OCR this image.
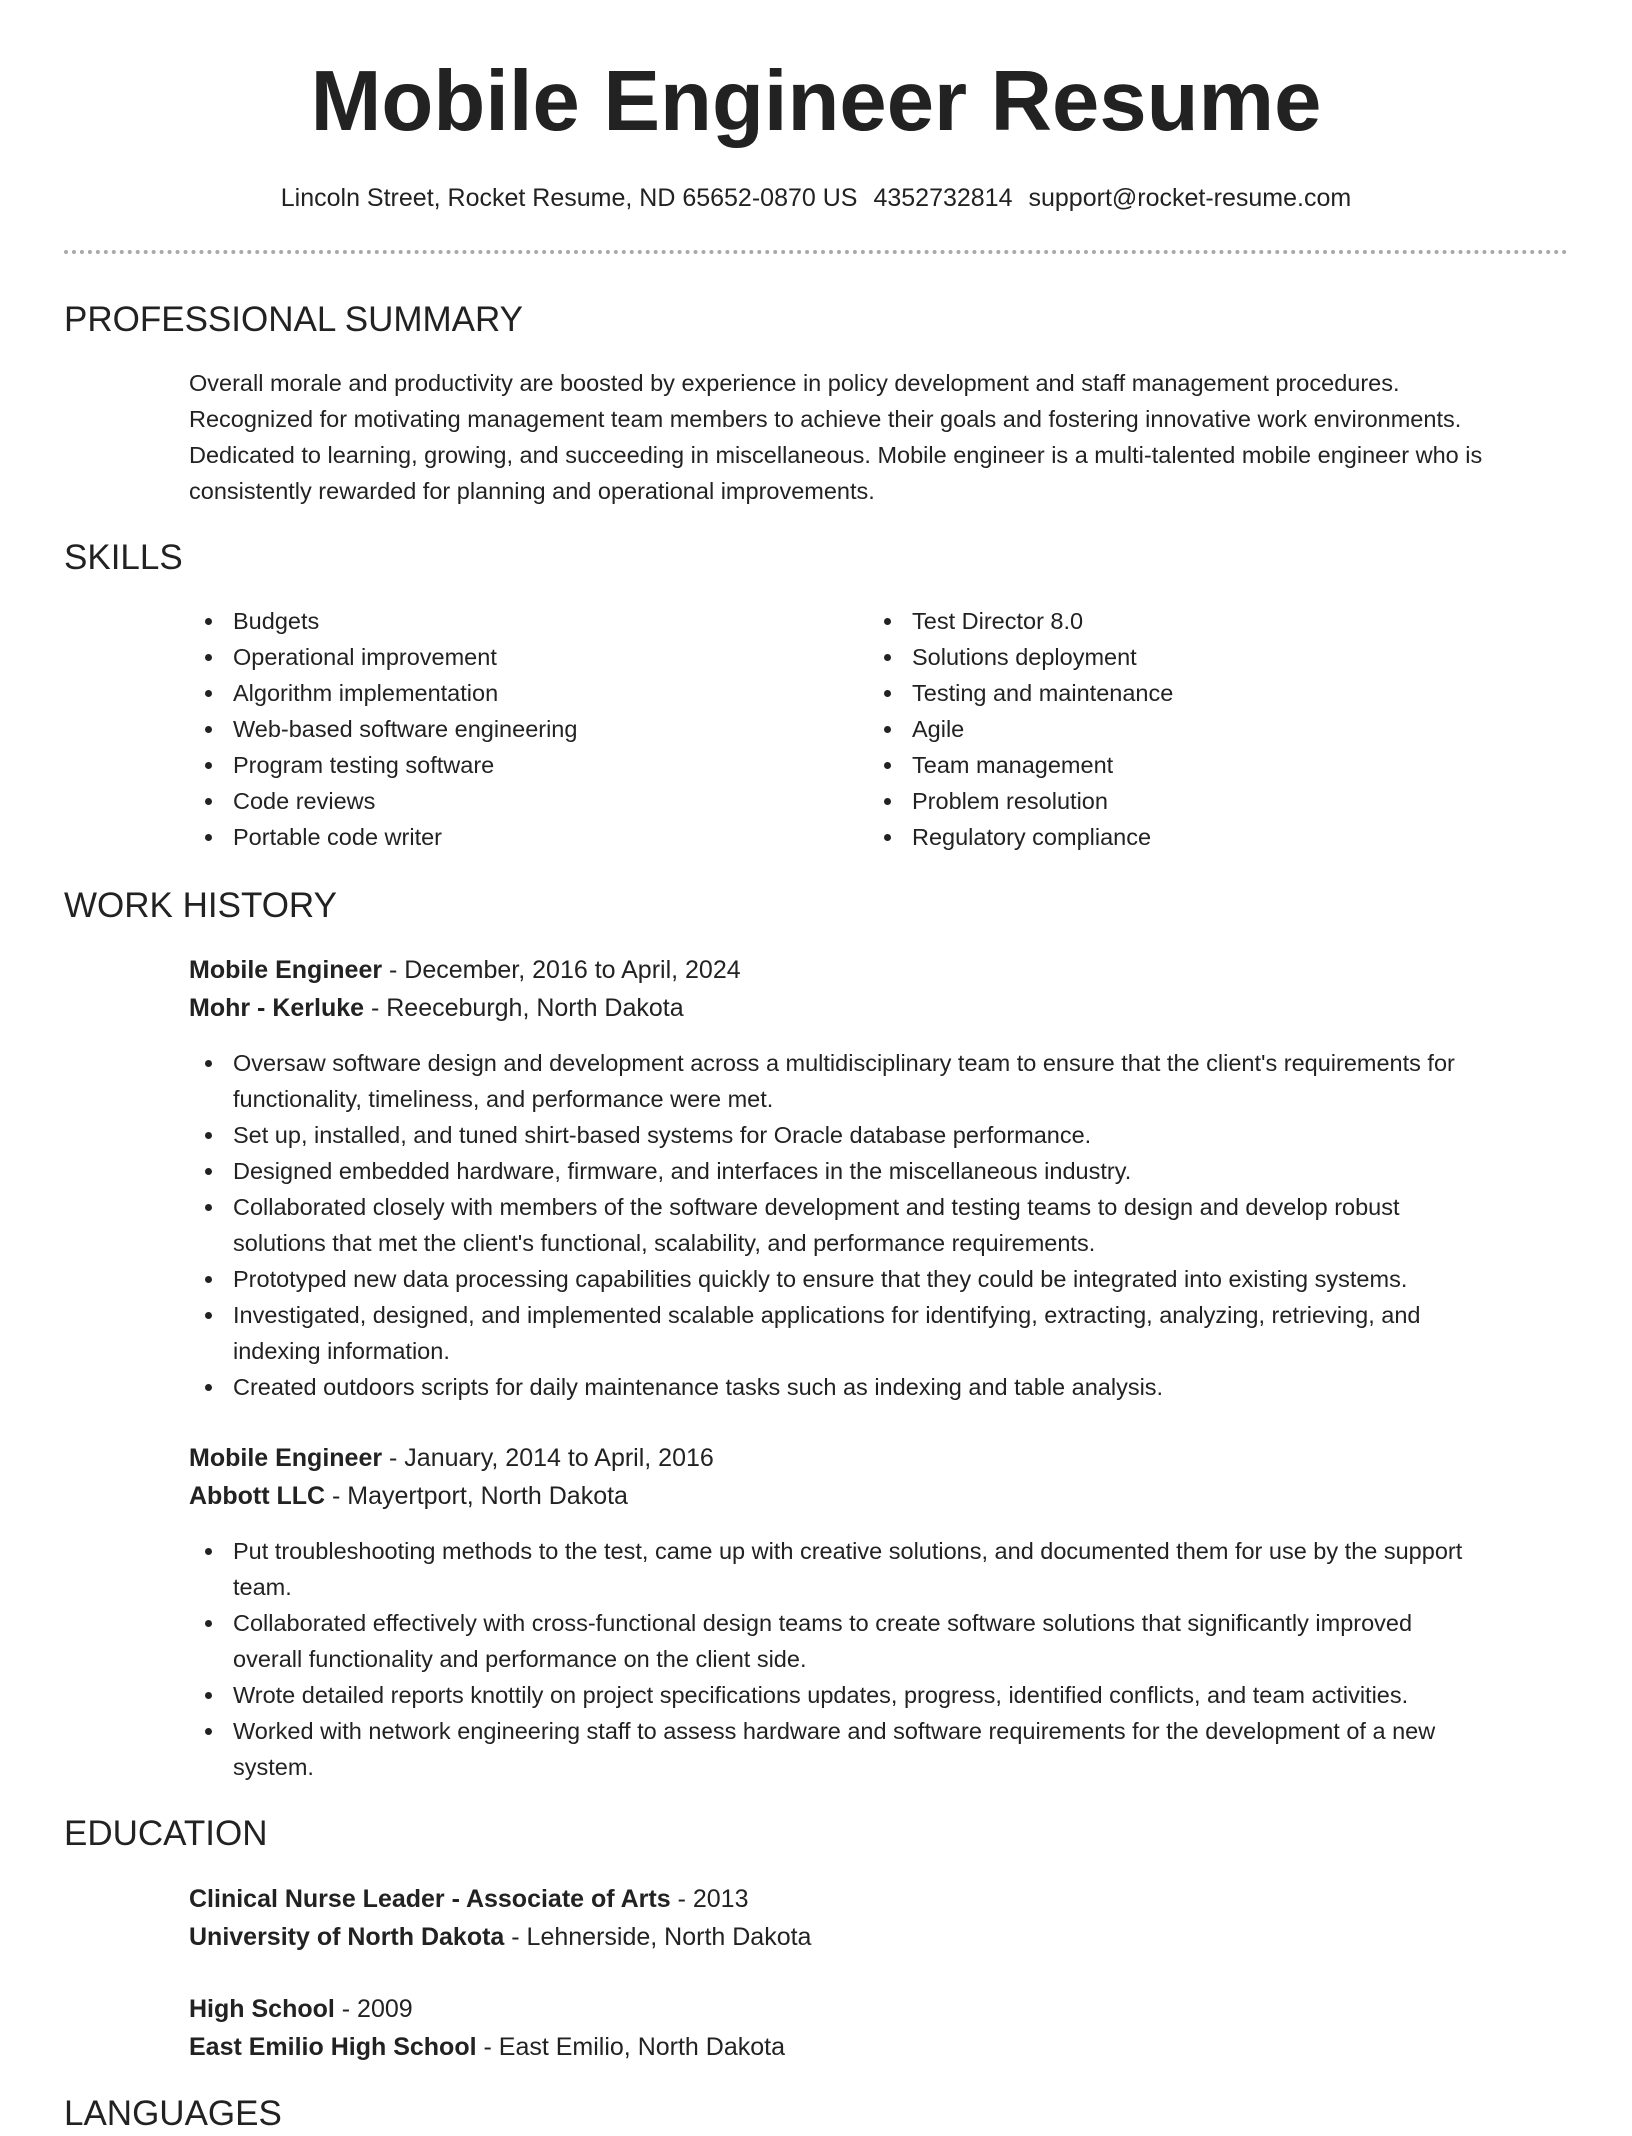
Mobile Engineer Resume
Lincoln Street, Rocket Resume, ND 65652-0870 US 4352732814 support@rocket-resume.com
PROFESSIONAL SUMMARY
Overall morale and productivity are boosted by experience in policy development and staff management procedures.
Recognized for motivating management team members to achieve their goals and fostering innovative work environments.
Dedicated to learning, growing, and succeeding in miscellaneous. Mobile engineer is a multi-talented mobile engineer who is
consistently rewarded for planning and operational improvements.
SKILLS
Budgets
Operational improvement
Algorithm implementation
Web-based software engineering
Program testing software
Code reviews
Portable code writer
Test Director 8.0
Solutions deployment
Testing and maintenance
Agile
Team management
Problem resolution
Regulatory compliance
WORK HISTORY
Mobile Engineer - December, 2016 to April, 2024
Mohr - Kerluke - Reeceburgh, North Dakota
Oversaw software design and development across a multidisciplinary team to ensure that the client's requirements for
functionality, timeliness, and performance were met.
Set up, installed, and tuned shirt-based systems for Oracle database performance.
Designed embedded hardware, firmware, and interfaces in the miscellaneous industry.
Collaborated closely with members of the software development and testing teams to design and develop robust
solutions that met the client's functional, scalability, and performance requirements.
Prototyped new data processing capabilities quickly to ensure that they could be integrated into existing systems.
Investigated, designed, and implemented scalable applications for identifying, extracting, analyzing, retrieving, and
indexing information.
Created outdoors scripts for daily maintenance tasks such as indexing and table analysis.
Mobile Engineer - January, 2014 to April, 2016
Abbott LLC - Mayertport, North Dakota
Put troubleshooting methods to the test, came up with creative solutions, and documented them for use by the support
team.
Collaborated effectively with cross-functional design teams to create software solutions that significantly improved
overall functionality and performance on the client side.
Wrote detailed reports knottily on project specifications updates, progress, identified conflicts, and team activities.
Worked with network engineering staff to assess hardware and software requirements for the development of a new
system.
EDUCATION
Clinical Nurse Leader - Associate of Arts - 2013
University of North Dakota - Lehnerside, North Dakota
High School - 2009
East Emilio High School - East Emilio, North Dakota
LANGUAGES
